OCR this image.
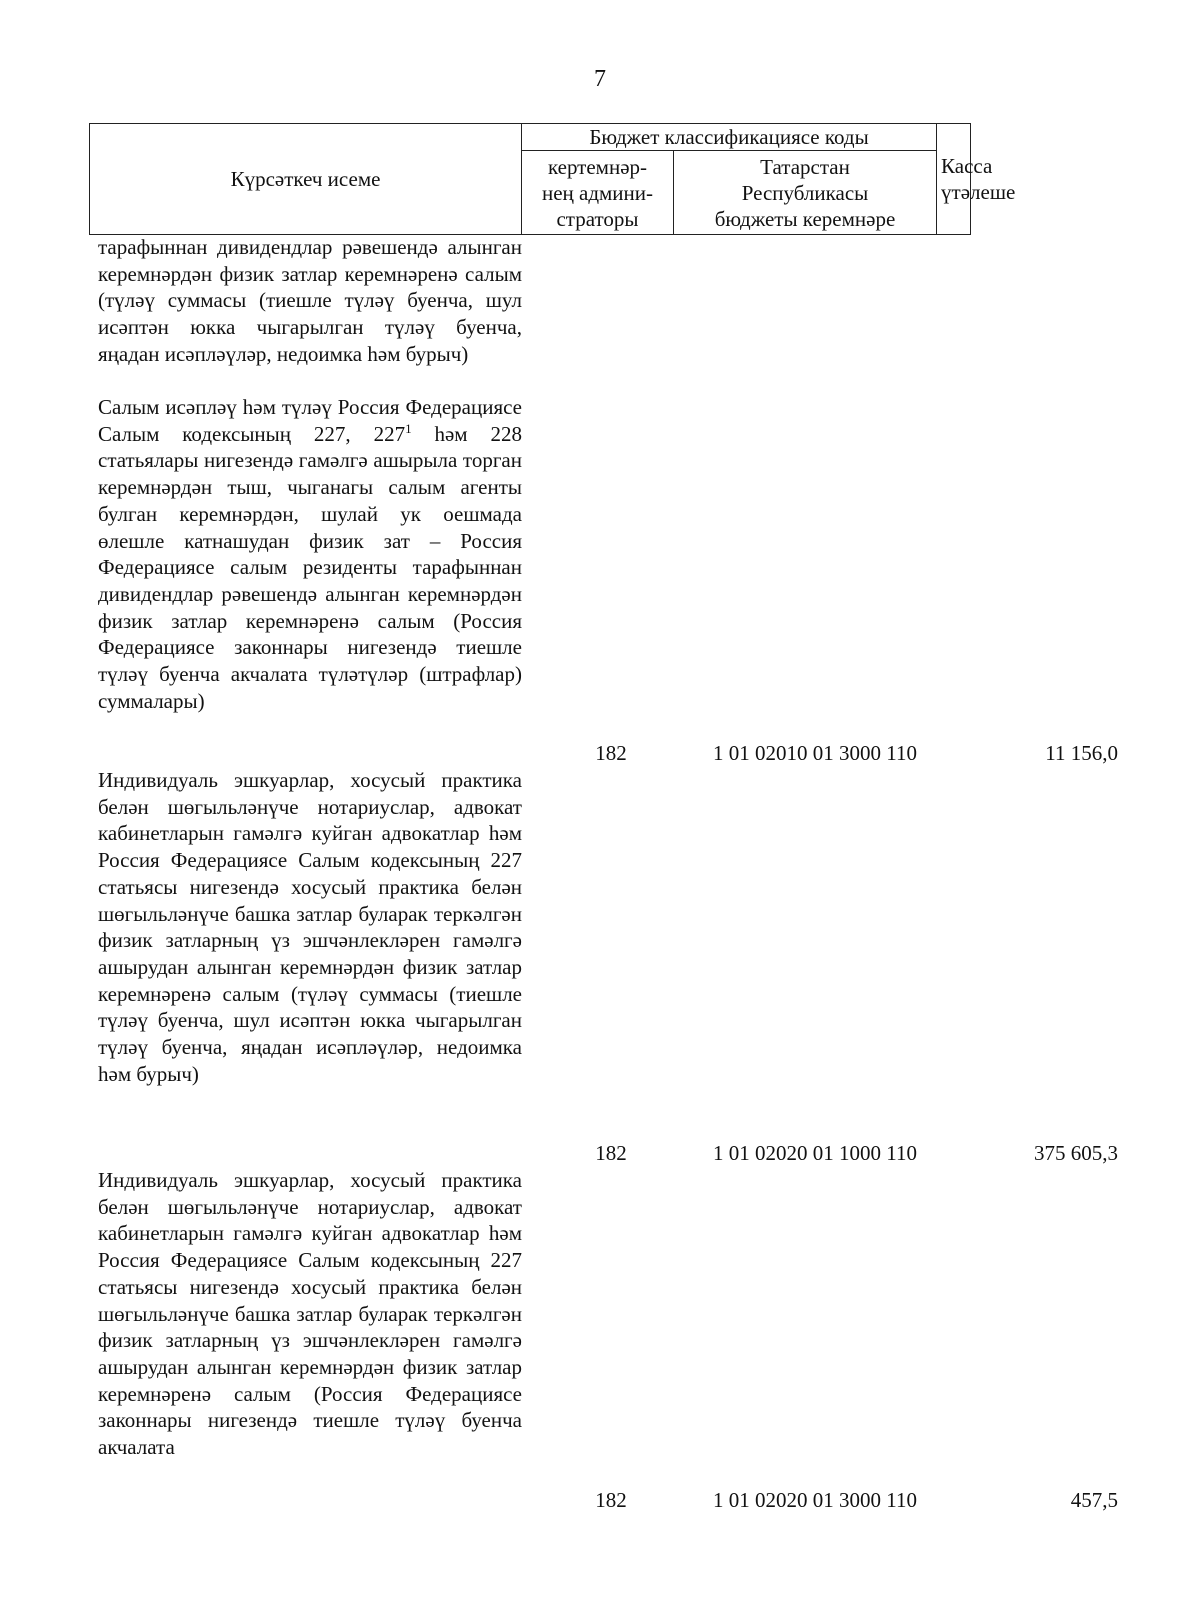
7
Күрсәткеч исеме	Бюджет классификациясе коды		Касса
үтәлеше
	кертемнәр-
нең админи-
страторы	Татарстан
Республикасы
бюджеты керемнәре	
тарафыннан дивидендлар рәвешендә алынган керемнәрдән физик затлар керемнәренә салым (түләү суммасы (тиешле түләү буенча, шул исәптән юкка чыгарылган түләү буенча, яңадан исәпләүләр, недоимка һәм бурыч)
Салым исәпләү һәм түләү Россия Федерациясе Салым кодексының 227, $227^1$ һәм 228 статьялары нигезендә гамәлгә ашырыла торган керемнәрдән тыш, чыганагы салым агенты булган керемнәрдән, шулай ук оешмада өлешле катнашудан физик зат – Россия Федерациясе салым резиденты тарафыннан дивидендлар рәвешендә алынган керемнәрдән физик затлар керемнәренә салым (Россия Федерациясе законнары нигезендә тиешле түләү буенча акчалата түләтүләр (штрафлар) суммалары)
182	1 01 02010 01 3000 110	11 156,0
Индивидуаль эшкуарлар, хосусый практика белән шөгыльләнүче нотариуслар, адвокат кабинетларын гамәлгә куйган адвокатлар һәм Россия Федерациясе Салым кодексының 227 статьясы нигезендә хосусый практика белән шөгыльләнүче башка затлар буларак теркәлгән физик затларның үз эшчәнлекләрен гамәлгә ашырудан алынган керемнәрдән физик затлар керемнәренә салым (түләү суммасы (тиешле түләү буенча, шул исәптән юкка чыгарылган түләү буенча, яңадан исәпләүләр, недоимка һәм бурыч)
182	1 01 02020 01 1000 110	375 605,3
Индивидуаль эшкуарлар, хосусый практика белән шөгыльләнүче нотариуслар, адвокат кабинетларын гамәлгә куйган адвокатлар һәм Россия Федерациясе Салым кодексының 227 статьясы нигезендә хосусый практика белән шөгыльләнүче башка затлар буларак теркәлгән физик затларның үз эшчәнлекләрен гамәлгә ашырудан алынган керемнәрдән физик затлар керемнәренә салым (Россия Федерациясе законнары нигезендә тиешле түләү буенча акчалата
182	1 01 02020 01 3000 110	457,5
